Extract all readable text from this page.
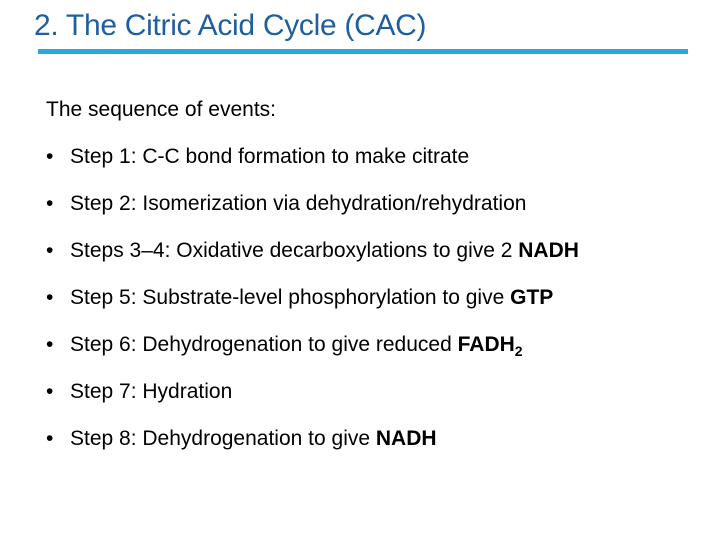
2. The Citric Acid Cycle (CAC)
The sequence of events:
• Step 1: C-C bond formation to make citrate
• Step 2: Isomerization via dehydration/rehydration
• Steps 3–4: Oxidative decarboxylations to give 2 NADH
• Step 5: Substrate-level phosphorylation to give GTP
• Step 6: Dehydrogenation to give reduced $FADH_2$
• Step 7: Hydration
• Step 8: Dehydrogenation to give NADH
